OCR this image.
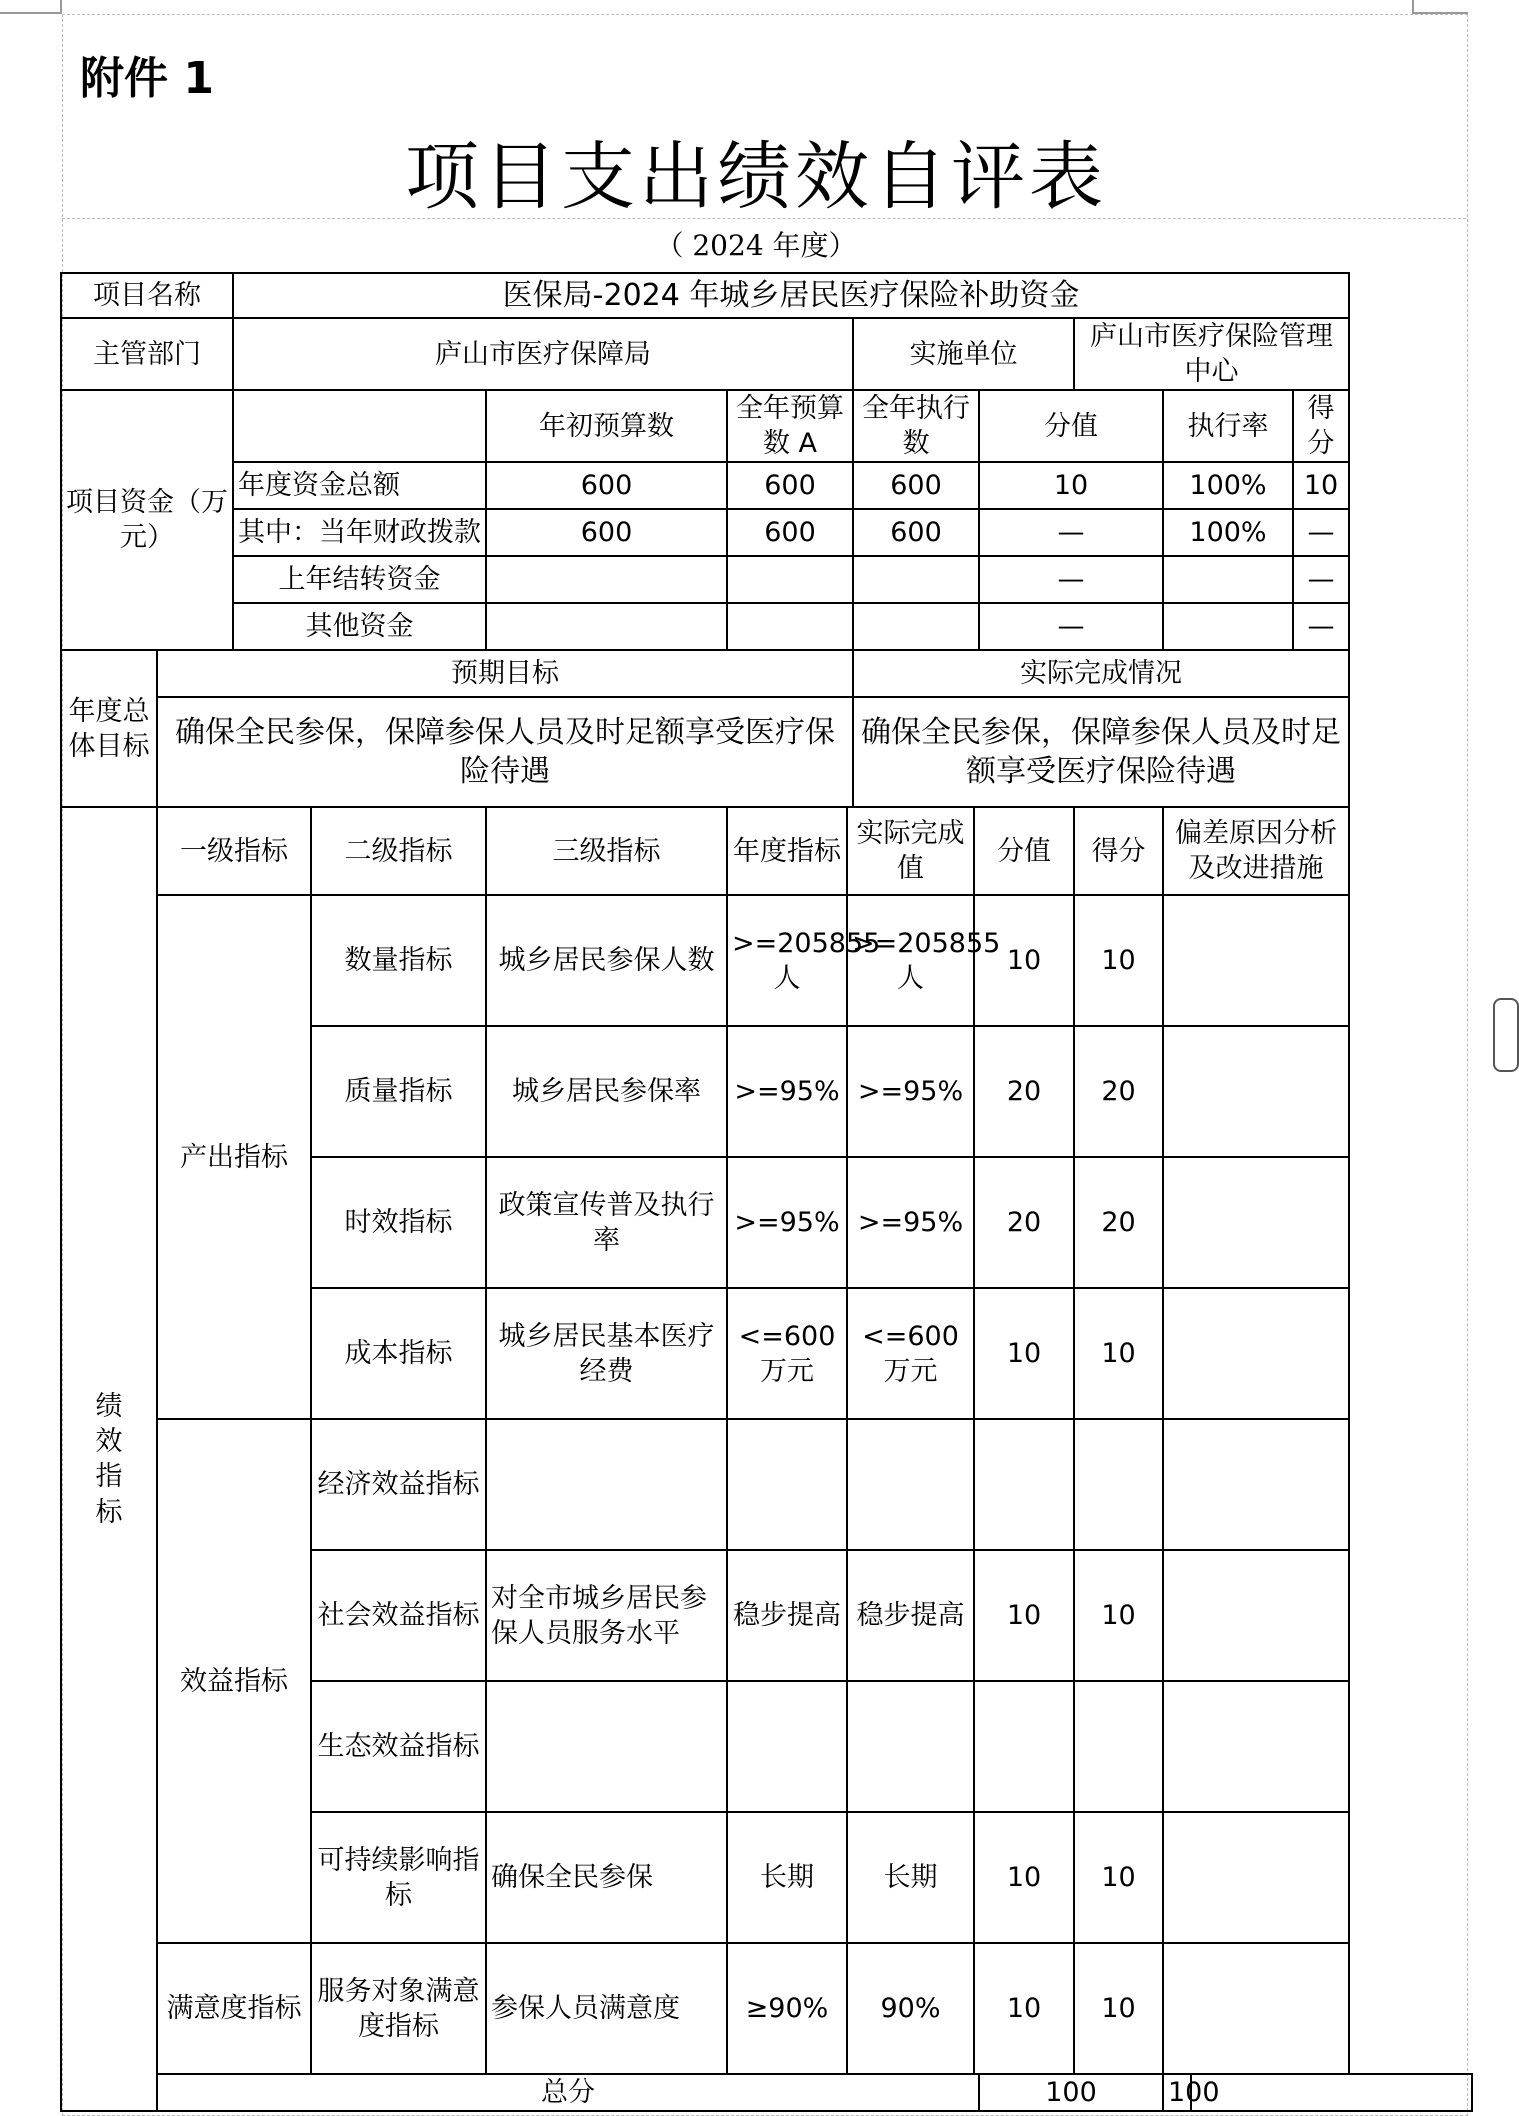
附件 1
项目支出绩效自评表
（ 2024 年度）
项目名称		医保局-2024 年城乡居民医疗保险补助资金											
主管部门		庐山市医疗保障局					实施单位			庐山市医疗保险管理中心			
项目资金（万元）				年初预算数	全年预算数 A		全年执行数		分值		执行率		得分
		年度资金总额		600	600		600		10		100%		10
		其中：当年财政拨款		600	600		600		—		100%		—
		上年结转资金							—				—
		其他资金							—				—
年度总体目标	预期目标						实际完成情况						
	确保全民参保，保障参保人员及时足额享受医疗保险待遇						确保全民参保，保障参保人员及时足额享受医疗保险待遇						
绩效指标	一级指标		二级指标	三级指标	年度指标	实际完成值		分值		得分	偏差原因分析及改进措施		
	产出指标		数量指标	城乡居民参保人数	>=205855人	>=205855 人		10		10			
			质量指标	城乡居民参保率	>=95%	>=95%		20		20			
			时效指标	政策宣传普及执行率	>=95%	>=95%		20		20			
			成本指标	城乡居民基本医疗经费	<=600万元	<=600万元		10		10			
	效益指标		经济效益指标										
			社会效益指标	对全市城乡居民参保人员服务水平	稳步提高	稳步提高		10		10			
			生态效益指标										
			可持续影响指标	确保全民参保	长期	长期		10		10			
	满意度指标		服务对象满意度指标	参保人员满意度	≥90%	90%		10		10			
	总分								100		100		
